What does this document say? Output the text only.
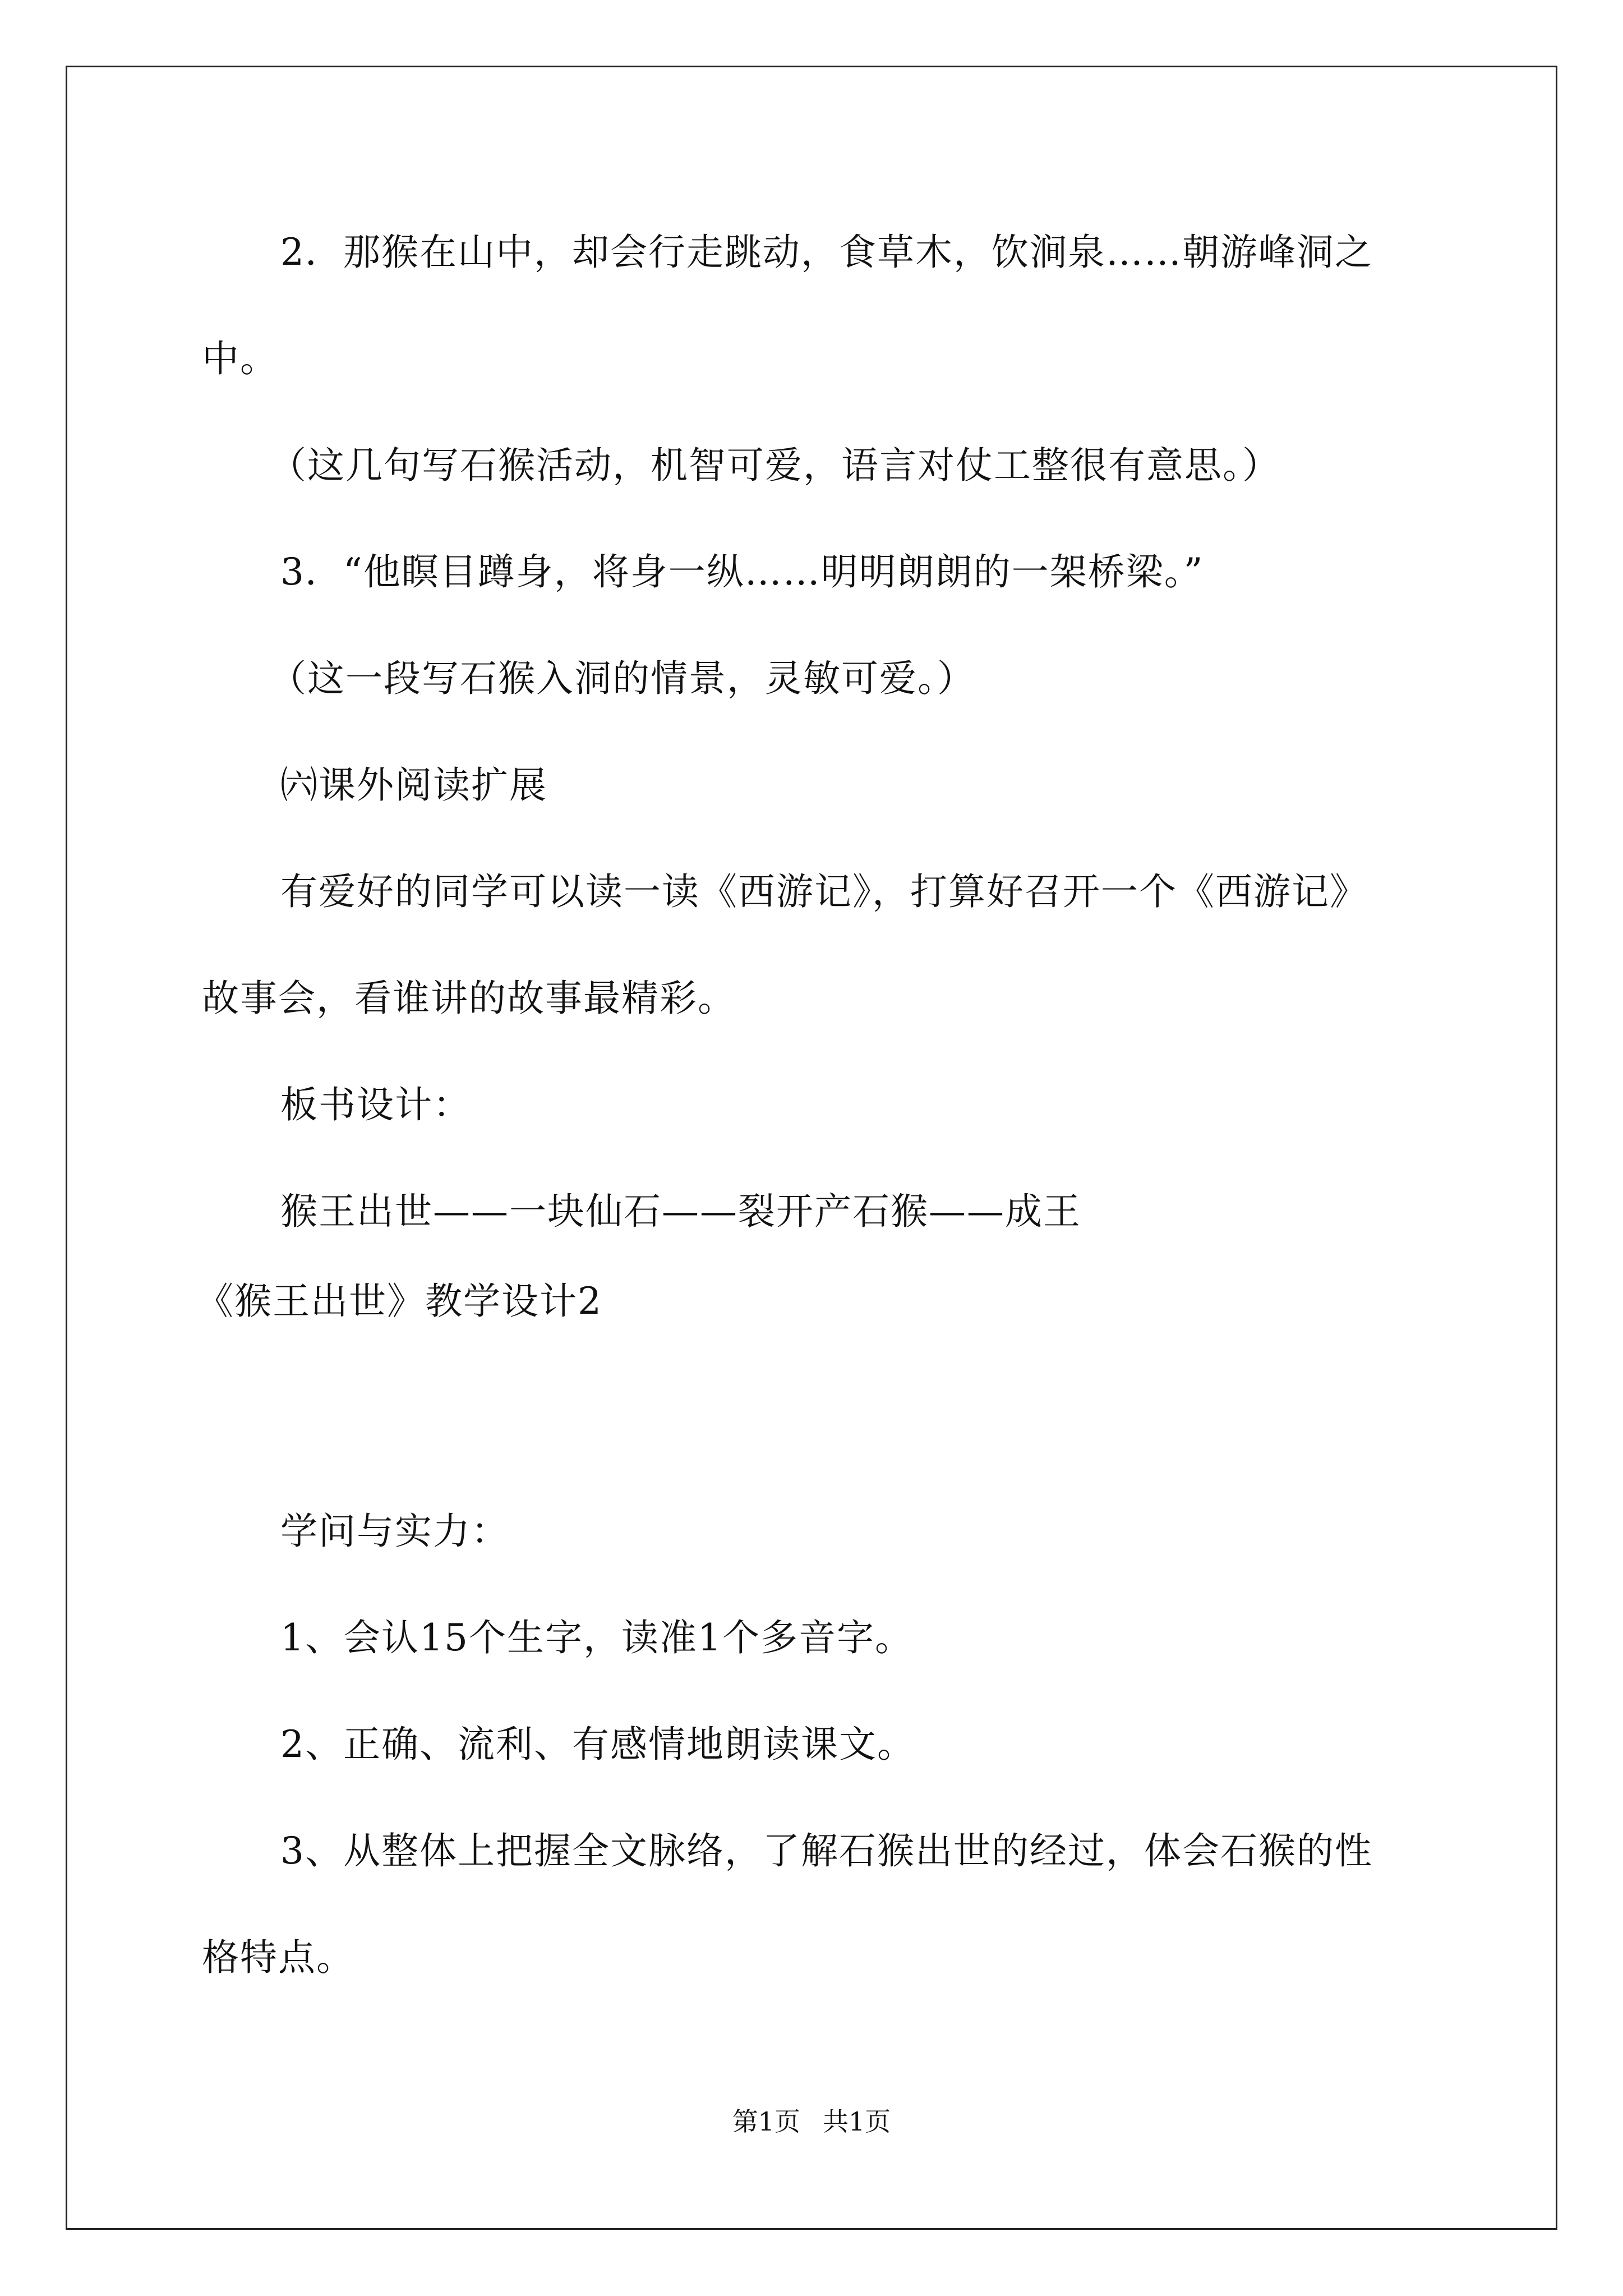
2．那猴在山中，却会行走跳动，食草木，饮涧泉……朝游峰洞之
中。
（这几句写石猴活动，机智可爱，语言对仗工整很有意思。）
3．“他瞑目蹲身，将身一纵……明明朗朗的一架桥梁。”
（这一段写石猴入洞的情景，灵敏可爱。）
㈥课外阅读扩展
有爱好的同学可以读一读《西游记》，打算好召开一个《西游记》
故事会，看谁讲的故事最精彩。
板书设计：
猴王出世——一块仙石——裂开产石猴——成王
《猴王出世》教学设计2
学问与实力：
1、会认15个生字，读准1个多音字。
2、正确、流利、有感情地朗读课文。
3、从整体上把握全文脉络，了解石猴出世的经过，体会石猴的性
格特点。
第1页 共1页
